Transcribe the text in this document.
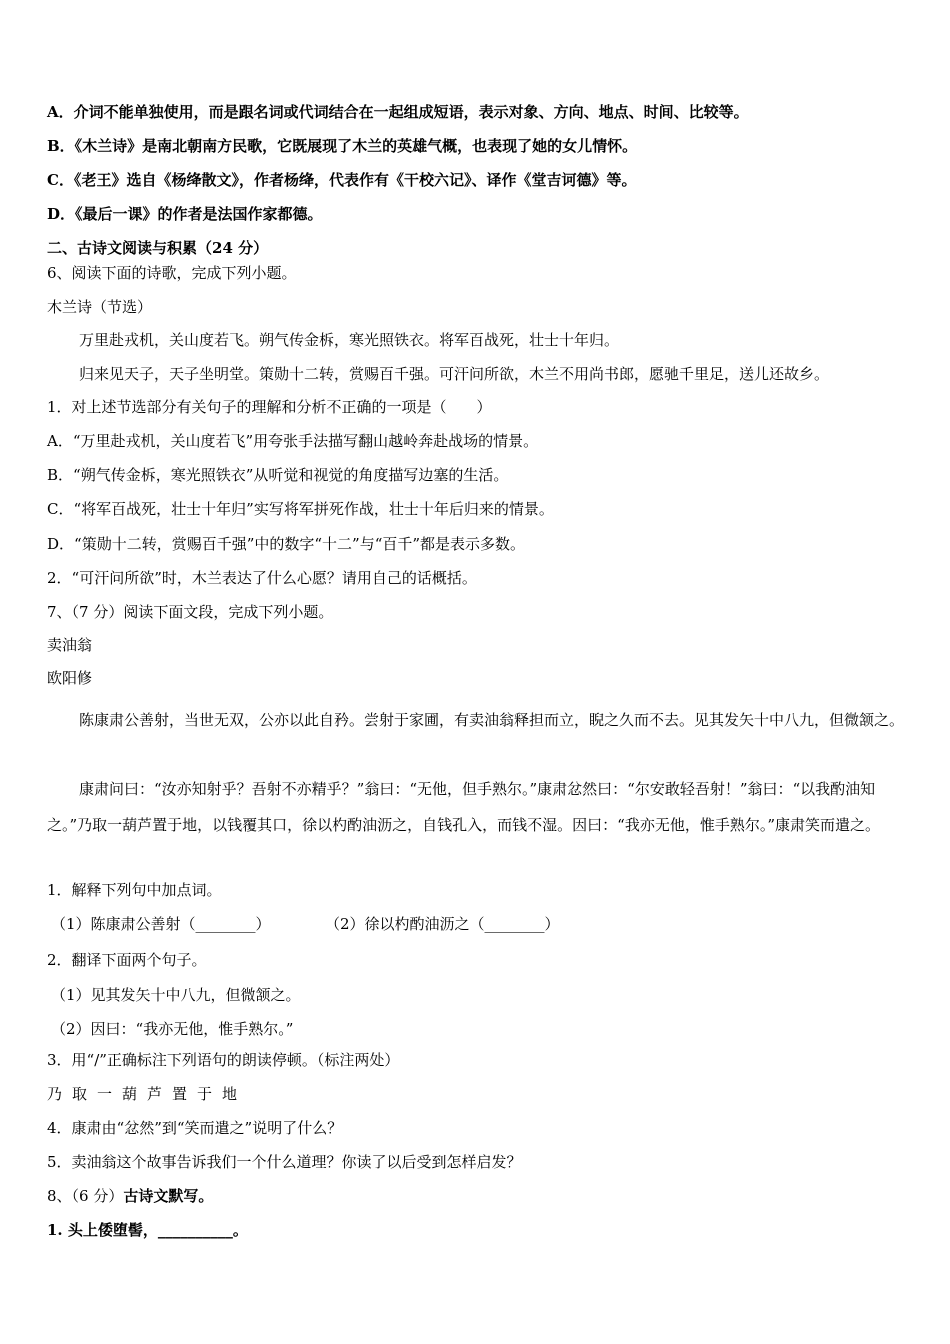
A．介词不能单独使用，而是跟名词或代词结合在一起组成短语，表示对象、方向、地点、时间、比较等。
B．《木兰诗》是南北朝南方民歌，它既展现了木兰的英雄气概，也表现了她的女儿情怀。
C．《老王》选自《杨绛散文》，作者杨绛，代表作有《干校六记》、译作《堂吉诃德》等。
D．《最后一课》的作者是法国作家都德。
二、古诗文阅读与积累（24 分）
6、阅读下面的诗歌，完成下列小题。
木兰诗（节选）
万里赴戎机，关山度若飞。朔气传金柝，寒光照铁衣。将军百战死，壮士十年归。
归来见天子，天子坐明堂。策勋十二转，赏赐百千强。可汗问所欲，木兰不用尚书郎，愿驰千里足，送儿还故乡。
1．对上述节选部分有关句子的理解和分析不正确的一项是（　　）
A．“万里赴戎机，关山度若飞”用夸张手法描写翻山越岭奔赴战场的情景。
B．“朔气传金柝，寒光照铁衣”从听觉和视觉的角度描写边塞的生活。
C．“将军百战死，壮士十年归”实写将军拼死作战，壮士十年后归来的情景。
D．“策勋十二转，赏赐百千强”中的数字“十二”与“百千”都是表示多数。
2．“可汗问所欲”时，木兰表达了什么心愿？请用自己的话概括。
7、（7 分）阅读下面文段，完成下列小题。
卖油翁
欧阳修
陈康肃公善射，当世无双，公亦以此自矜。尝射于家圃，有卖油翁释担而立，睨之久而不去。见其发矢十中八九，但微颔之。
康肃问曰：“汝亦知射乎？吾射不亦精乎？”翁曰：“无他，但手熟尔。”康肃忿然曰：“尔安敢轻吾射！”翁曰：“以我酌油知之。”乃取一葫芦置于地，以钱覆其口，徐以杓酌油沥之，自钱孔入，而钱不湿。因曰：“我亦无他，惟手熟尔。”康肃笑而遣之。
1．解释下列句中加点词。
（1）陈康肃公善射（________）	（2）徐以杓酌油沥之（________）
2．翻译下面两个句子。
（1）见其发矢十中八九，但微颔之。
（2）因曰：“我亦无他，惟手熟尔。”
3．用“/”正确标注下列语句的朗读停顿。（标注两处）
乃取一葫芦置于地
4．康肃由“忿然”到“笑而遣之”说明了什么？
5．卖油翁这个故事告诉我们一个什么道理？你读了以后受到怎样启发？
8、（6 分）古诗文默写。
1. 头上倭堕髻，__________。
